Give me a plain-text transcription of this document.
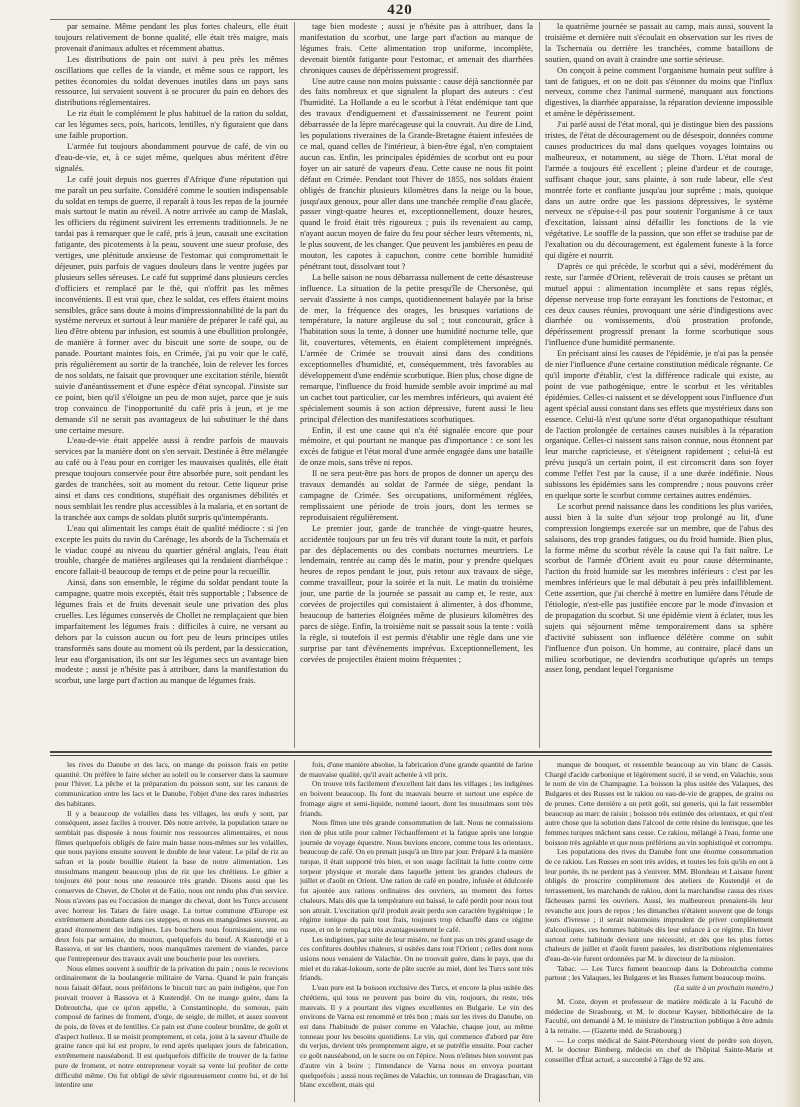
420

par semaine. Même pendant les plus fortes chaleurs, elle était toujours relativement de bonne qualité, elle était très maigre, mais provenait d'animaux adultes et récemment abattus.

Les distributions de pain ont suivi à peu près les mêmes oscillations que celles de la viande, et même sous ce rapport, les petites économies du soldat devenues inutiles dans un pays sans ressource, lui servaient souvent à se procurer du pain en dehors des distributions réglementaires.

Le riz était le complément le plus habituel de la ration du soldat, car les légumes secs, pois, haricots, lentilles, n'y figuraient que dans une faible proportion.

L'armée fut toujours abondamment pourvue de café, de vin ou d'eau-de-vie, et, à ce sujet même, quelques abus méritent d'être signalés.

Le café jouit depuis nos guerres d'Afrique d'une réputation qui me paraît un peu surfaite. Considéré comme le soutien indispensable du soldat en temps de guerre, il reparaît à tous les repas de la journée mais surtout le matin au réveil. A notre arrivée au camp de Maslak, les officiers du régiment suivirent les errements traditionnels. Je ne tardai pas à remarquer que le café, pris à jeun, causait une excitation fatigante, des picotements à la peau, souvent une sueur profuse, des vertiges, une plénitude anxieuse de l'estomac qui compromettait le déjeuner, puis parfois de vagues douleurs dans le ventre jugées par plusieurs selles séreuses. Le café fut supprimé dans plusieurs cercles d'officiers et remplacé par le thé, qui n'offrit pas les mêmes inconvénients. Il est vrai que, chez le soldat, ces effets étaient moins sensibles, grâce sans doute à moins d'impressionnabilité de la part du système nerveux et surtout à leur manière de préparer le café qui, au lieu d'être obtenu par infusion, est soumis à une ébullition prolongée, de manière à former avec du biscuit une sorte de soupe, ou de panade. Pourtant maintes fois, en Crimée, j'ai pu voir que le café, pris régulièrement au sortir de la tranchée, loin de relever les forces de nos soldats, ne faisait que provoquer une excitation stérile, bientôt suivie d'anéantissement et d'une espèce d'état syncopal. J'insiste sur ce point, bien qu'il s'éloigne un peu de mon sujet, parce que je suis trop convaincu de l'inopportunité du café pris à jeun, et je me demande s'il ne serait pas avantageux de lui substituer le thé dans une certaine mesure.

L'eau-de-vie était appelée aussi à rendre parfois de mauvais services par la manière dont on s'en servait. Destinée à être mélangée au café ou à l'eau pour en corriger les mauvaises qualités, elle était presque toujours conservée pour être absorbée pure, soit pendant les gardes de tranchées, soit au moment du retour. Cette liqueur prise ainsi et dans ces conditions, stupéfiait des organismes débilités et nous semblait les rendre plus accessibles à la malaria, et en sortant de la tranchée aux camps de soldats plutôt surpris qu'intempérants.

L'eau qui alimentait les camps était de qualité médiocre : si j'en excepte les puits du ravin du Carénage, les abords de la Tschernaïa et le viaduc coupé au niveau du quartier général anglais, l'eau était trouble, chargée de matières argileuses qui la rendaient diarrhéique : encore fallait-il beaucoup de temps et de peine pour la recueillir.

Ainsi, dans son ensemble, le régime du soldat pendant toute la campagne, quatre mois exceptés, était très supportable ; l'absence de légumes frais et de fruits devenait seule une privation des plus cruelles. Les légumes conservés de Chollet ne remplaçaient que bien imparfaitement les légumes frais : difficiles à cuire, ne versant au dehors par la cuisson aucun ou fort peu de leurs principes utiles transformés sans doute au moment où ils perdent, par la dessiccation, leur eau d'organisation, ils ont sur les légumes secs un avantage bien modeste ; aussi je n'hésite pas à attribuer, dans la manifestation du scorbut, une large part d'action au manque de légumes frais.

tage bien modeste ; aussi je n'hésite pas à attribuer, dans la manifestation du scorbut, une large part d'action au manque de légumes frais. Cette alimentation trop uniforme, incomplète, devenait bientôt fatigante pour l'estomac, et amenait des diarrhées chroniques causes de dépérissement progressif.

Une autre cause non moins puissante : cause déjà sanctionnée par des faits nombreux et que signalent la plupart des auteurs : c'est l'humidité. La Hollande a eu le scorbut à l'état endémique tant que des travaux d'endiguement et d'assainissement ne l'eurent point débarrassée de la lèpre marécageuse qui la couvrait. Au dire de Lind, les populations riveraines de la Grande-Bretagne étaient infestées de ce mal, quand celles de l'intérieur, à bien-être égal, n'en comptaient aucun cas. Enfin, les principales épidémies de scorbut ont eu pour foyer un air saturé de vapeurs d'eau. Cette cause ne nous fit point défaut en Crimée. Pendant tout l'hiver de 1855, nos soldats étaient obligés de franchir plusieurs kilomètres dans la neige ou la boue, jusqu'aux genoux, pour aller dans une tranchée remplie d'eau glacée, passer vingt-quatre heures et, exceptionnellement, douze heures, quand le froid était très rigoureux ; puis ils revenaient au camp, n'ayant aucun moyen de faire du feu pour sécher leurs vêtements, ni, le plus souvent, de les changer. Que peuvent les jambières en peau de mouton, les capotes à capuchon, contre cette horrible humidité pénétrant tout, dissolvant tout ?

La belle saison ne nous débarrassa nullement de cette désastreuse influence. La situation de la petite presqu'île de Chersonèse, qui servait d'assiette à nos camps, quotidiennement balayée par la brise de mer, la fréquence des orages, les brusques variations de température, la nature argileuse du sol ; tout concourait, grâce à l'habitation sous la tente, à donner une humidité nocturne telle, que lit, couvertures, vêtements, en étaient complètement imprégnés. L'armée de Crimée se trouvait ainsi dans des conditions exceptionnelles d'humidité, et, conséquemment, très favorables au développement d'une endémie scorbutique. Bien plus, chose digne de remarque, l'influence du froid humide semble avoir imprimé au mal un cachet tout particulier, car les membres inférieurs, qui avaient été spécialement soumis à son action dépressive, furent aussi le lieu principal d'élection des manifestations scorbutiques.

Enfin, il est une cause qui n'a été signalée encore que pour mémoire, et qui pourtant ne manque pas d'importance : ce sont les excès de fatigue et l'état moral d'une armée engagée dans une bataille de onze mois, sans trêve ni repos.

Il ne sera peut-être pas hors de propos de donner un aperçu des travaux demandés au soldat de l'armée de siège, pendant la campagne de Crimée. Ses occupations, uniformément réglées, remplissaient une période de trois jours, dont les termes se reproduisaient régulièrement.

Le premier jour, garde de tranchée de vingt-quatre heures, accidentée toujours par un feu très vif durant toute la nuit, et parfois par des déplacements ou des combats nocturnes meurtriers. Le lendemain, rentrée au camp dès le matin, pour y prendre quelques heures de repos pendant le jour, puis retour aux travaux de siège, comme travailleur, pour la soirée et la nuit. Le matin du troisième jour, une partie de la journée se passait au camp et, le reste, aux corvées de projectiles qui consistaient à alimenter, à dos d'homme, beaucoup de batteries éloignées même de plusieurs kilomètres des parcs de siège. Enfin, la troisième nuit se passait sous la tente : voilà la règle, si toutefois il est permis d'établir une règle dans une vie surprise par tant d'événements imprévus. Exceptionnellement, les corvées de projectiles étaient moins fréquentes ;

la quatrième journée se passait au camp, mais aussi, souvent la troisième et dernière nuit s'écoulait en observation sur les rives de la Tschernaïa ou derrière les tranchées, comme bataillons de soutien, quand on avait à craindre une sortie sérieuse.

On conçoit à peine comment l'organisme humain peut suffire à tant de fatigues, et on ne doit pas s'étonner du moins que l'influx nerveux, comme chez l'animal surmené, manquant aux fonctions digestives, la diarrhée apparaisse, la réparation devienne impossible et amène le dépérissement.

J'ai parlé aussi de l'état moral, qui je distingue bien des passions tristes, de l'état de découragement ou de désespoir, données comme causes productrices du mal dans quelques voyages lointains ou malheureux, et notamment, au siège de Thorn. L'état moral de l'armée a toujours été excellent ; pleine d'ardeur et de courage, suffisant chaque jour, sans plainte, à son rude labeur, elle s'est montrée forte et confiante jusqu'au jour suprême ; mais, quoique dans un autre ordre que les passions dépressives, le système nerveux ne s'épuise-t-il pas pour soutenir l'organisme à ce taux d'excitation, laissant ainsi défaillir les fonctions de la vie végétative. Le souffle de la passion, que son effet se traduise par de l'exaltation ou du découragement, est également funeste à la force qui digère et nourrit.

D'après ce qui précède, le scorbut qui a sévi, modérément du reste, sur l'armée d'Orient, relèverait de trois causes se prêtant un mutuel appui : alimentation incomplète et sans repas réglés, dépense nerveuse trop forte enrayant les fonctions de l'estomac, et ces deux causes réunies, provoquant une série d'indigestions avec diarrhée ou vomissements, d'où prostration profonde, dépérissement progressif prenant la forme scorbutique sous l'influence d'une humidité permanente.

En précisant ainsi les causes de l'épidémie, je n'ai pas la pensée de nier l'influence d'une certaine constitution médicale régnante. Ce qu'il importe d'établir, c'est la différence radicale qui existe, au point de vue pathogénique, entre le scorbut et les véritables épidémies. Celles-ci naissent et se développent sous l'influence d'un agent spécial aussi constant dans ses effets que mystérieux dans son essence. Celui-là n'est qu'une sorte d'état organopathique résultant de l'action prolongée de certaines causes nuisibles à la réparation organique. Celles-ci naissent sans raison connue, nous étonnent par leur marche capricieuse, et s'éteignent rapidement ; celui-là est prévu jusqu'à un certain point, il est circonscrit dans son foyer comme l'effet l'est par la cause, il a une durée indéfinie. Nous subissons les épidémies sans les comprendre ; nous pouvons créer en quelque sorte le scorbut comme certaines autres endémies.

Le scorbut prend naissance dans les conditions les plus variées, aussi bien à la suite d'un séjour trop prolongé au lit, d'une compression longtemps exercée sur un membre, que de l'abus des salaisons, des trop grandes fatigues, ou du froid humide. Bien plus, la forme même du scorbut révèle la cause qui l'a fait naître. Le scorbut de l'armée d'Orient avait eu pour cause déterminante, l'action du froid humide sur les membres inférieurs : c'est par les membres inférieurs que le mal débutait à peu près infailliblement. Cette assertion, que j'ai cherché à mettre en lumière dans l'étude de l'étiologie, n'est-elle pas justifiée encore par le mode d'invasion et de propagation du scorbut. Si une épidémie vient à éclater, tous les sujets qui séjournent même temporairement dans sa sphère d'activité subissent son influence délétère comme on subit l'influence d'un poison. Un homme, au contraire, placé dans un milieu scorbutique, ne deviendra scorbutique qu'après un temps assez long, pendant lequel l'organisme

les rives du Danube et des lacs, on mange du poisson frais en petite quantité. On préfère le faire sécher au soleil ou le conserver dans la saumure pour l'hiver. La pêche et la préparation du poisson sont, sur les canaux de communication entre les lacs et le Danube, l'objet d'une des rares industries des habitants.

Il y a beaucoup de volailles dans les villages, les œufs y sont, par conséquent, assez faciles à trouver. Dès notre arrivée, la population tatare ne semblait pas disposée à nous fournir nos ressources alimentaires, et nous fûmes quelquefois obligés de faire main basse nous-mêmes sur les volailles, que nous payions ensuite souvent le double de leur valeur. Le pilaf de riz au safran et la poule bouillie étaient la base de notre alimentation. Les musulmans mangent beaucoup plus de riz que les chrétiens. Le gibier a toujours été pour nous une ressource très grande. Disons aussi que les conserves de Chevet, de Cholet et de Fatio, nous ont rendu plus d'un service. Nous n'avons pas eu l'occasion de manger du cheval, dont les Turcs accusent avec horreur les Tatars de faire usage. La tortue commune d'Europe est extrêmement abondante dans ces steppes, et nous en mangeâmes souvent, au grand étonnement des indigènes. Les bouchers nous fournissaient, une ou deux fois par semaine, du mouton, quelquefois du bœuf. A Kustendjé et à Rassova, et sur les chantiers, nous manquâmes rarement de viandes, parce que l'entrepreneur des travaux avait une boucherie pour les ouvriers.

Nous eûmes souvent à souffrir de la privation du pain ; nous le recevions ordinairement de la boulangerie militaire de Varna. Quand le pain français nous faisait défaut, nous préférions le biscuit turc au pain indigène, que l'on pouvait trouver à Rassova et à Kustendjé. On ne mange guère, dans la Dobroutcha, que ce qu'on appelle, à Constantinople, du somoun, pain composé de farines de froment, d'orge, de seigle, de millet, et assez souvent de pois, de fèves et de lentilles. Ce pain est d'une couleur brunâtre, de goût et d'aspect huileux. Il se moisit promptement, et cela, joint à la saveur d'huile de graine rance qui lui est propre, le rend après quelques jours de fabrication, extrêmement nauséabond. Il est quelquefois difficile de trouver de la farine pure de froment, et notre entrepreneur voyait sa vente lui profiter de cette difficulté même. On fut obligé de sévir rigoureusement contre lui, et de lui interdire une

fois, d'une manière absolue, la fabrication d'une grande quantité de farine de mauvaise qualité, qu'il avait achetée à vil prix.

On trouve très facilement d'excellent lait dans les villages ; les indigènes en boivent beaucoup. Ils font du mauvais beurre et surtout une espèce de fromage aigre et semi-liquide, nommé iaourt, dont les musulmans sont très friands.

Nous fîmes une très grande consommation de lait. Nous ne connaissions rien de plus utile pour calmer l'échauffement et la fatigue après une longue journée de voyage équestre. Nous buvions encore, comme tous les orientaux, beaucoup de café. On en prenait jusqu'à un litre par jour. Préparé à la manière turque, il était supporté très bien, et son usage facilitait la lutte contre cette torpeur physique et morale dans laquelle jettent les grandes chaleurs de juillet et d'août en Orient. Une ration de café en poudre, infusée et édulcorée fut ajoutée aux rations ordinaires des ouvriers, au moment des fortes chaleurs. Mais dès que la température eut baissé, le café perdit pour nous tout son attrait. L'excitation qu'il produit avait perdu son caractère hygiénique ; le régime tonique du pain tout frais, toujours trop échauffé dans ce régime russe, et on le remplaça très avantageusement le café.

Les indigènes, par suite de leur misère, ne font pas un très grand usage de ces confitures doubles chaleurs, si usitées dans tout l'Orient ; celles dont nous usions nous venaient de Valachie. On ne trouvait guère, dans le pays, que du miel et du rakat-lokoum, sorte de pâte sucrée au miel, dont les Turcs sont très friands.

L'eau pure est la boisson exclusive des Turcs, et encore la plus usitée des chrétiens, qui tous ne peuvent pas boire du vin, toujours, du reste, très mauvais. Il y a pourtant des vignes excellentes en Bulgarie. Le vin des environs de Varna est renommé et très bon ; mais sur les rives du Danube, on est dans l'habitude de puiser comme en Valachie, chaque jour, au même tonneau pour les besoins quotidiens. Le vin, qui commence d'abord par être du verjus, devient très promptement aigre, et se putréfie ensuite. Pour cacher ce goût nauséabond, on le sucre ou on l'épice. Nous n'eûmes bien souvent pas d'autre vin à boire ; l'intendance de Varna nous en envoya pourtant quelquefois ; aussi nous reçûmes de Valachie, un tonneau de Dragaschan, vin blanc excellent, mais qui

manque de bouquet, et ressemble beaucoup au vin blanc de Cassis. Chargé d'acide carbonique et légèrement sucré, il se vend, en Valachie, sous le nom de vin de Champagne. La boisson la plus usitée des Valaques, des Bulgares et des Russes est le rakiou ou eau-de-vie de grappes, de grains ou de prunes. Cette dernière a un petit goût, sui generis, qui la fait ressembler beaucoup au marc de raisin ; boisson très estimée des orientaux, et qui n'est autre chose que la solution dans l'alcool de cette résine du lentisque, que les femmes turques mâchent sans cesse. Ce rakiou, mélangé à l'eau, forme une boisson très agréable et que nous préférions au vin sophistiqué et corrompu.

Les populations des rives du Danube font une énorme consommation de ce rakiou. Les Russes en sont très avides, et toutes les fois qu'ils en ont à leur portée, ils ne perdent pas à s'enivrer. MM. Blondeau et Laisane furent obligés de proscrire complètement des ateliers de Kustendjé et de terrassement, les marchands de rakiou, dont la marchandise causa des rixes fâcheuses parmi les ouvriers. Aussi, les malheureux prenaient-ils leur revanche aux jours de repos ; les dimanches n'étaient souvent que de longs jours d'ivresse ; il serait néanmoins imprudent de priver complètement d'alcooliques, ces hommes habitués dès leur enfance à ce régime. En hiver surtout cette habitude devient une nécessité, et dès que les plus fortes chaleurs de juillet et d'août furent passées, les distributions réglementaires d'eau-de-vie furent ordonnées par M. le directeur de la mission.

Tabac. — Les Turcs fument beaucoup dans la Dobroutcha comme partout ; les Valaques, les Bulgares et les Russes fument beaucoup moins.

(La suite à un prochain numéro.)

M. Coze, doyen et professeur de matière médicale à la Faculté de médecine de Strasbourg, et M. le docteur Kayser, bibliothécaire de la Faculté, ont demandé à M. le ministre de l'instruction publique à être admis à la retraite. — (Gazette méd. de Strasbourg.)

— Le corps médical de Saint-Pétersbourg vient de perdre son doyen, M. le docteur Bimberg, médecin en chef de l'hôpital Sainte-Marie et conseiller d'État actuel, a succombé à l'âge de 92 ans.
